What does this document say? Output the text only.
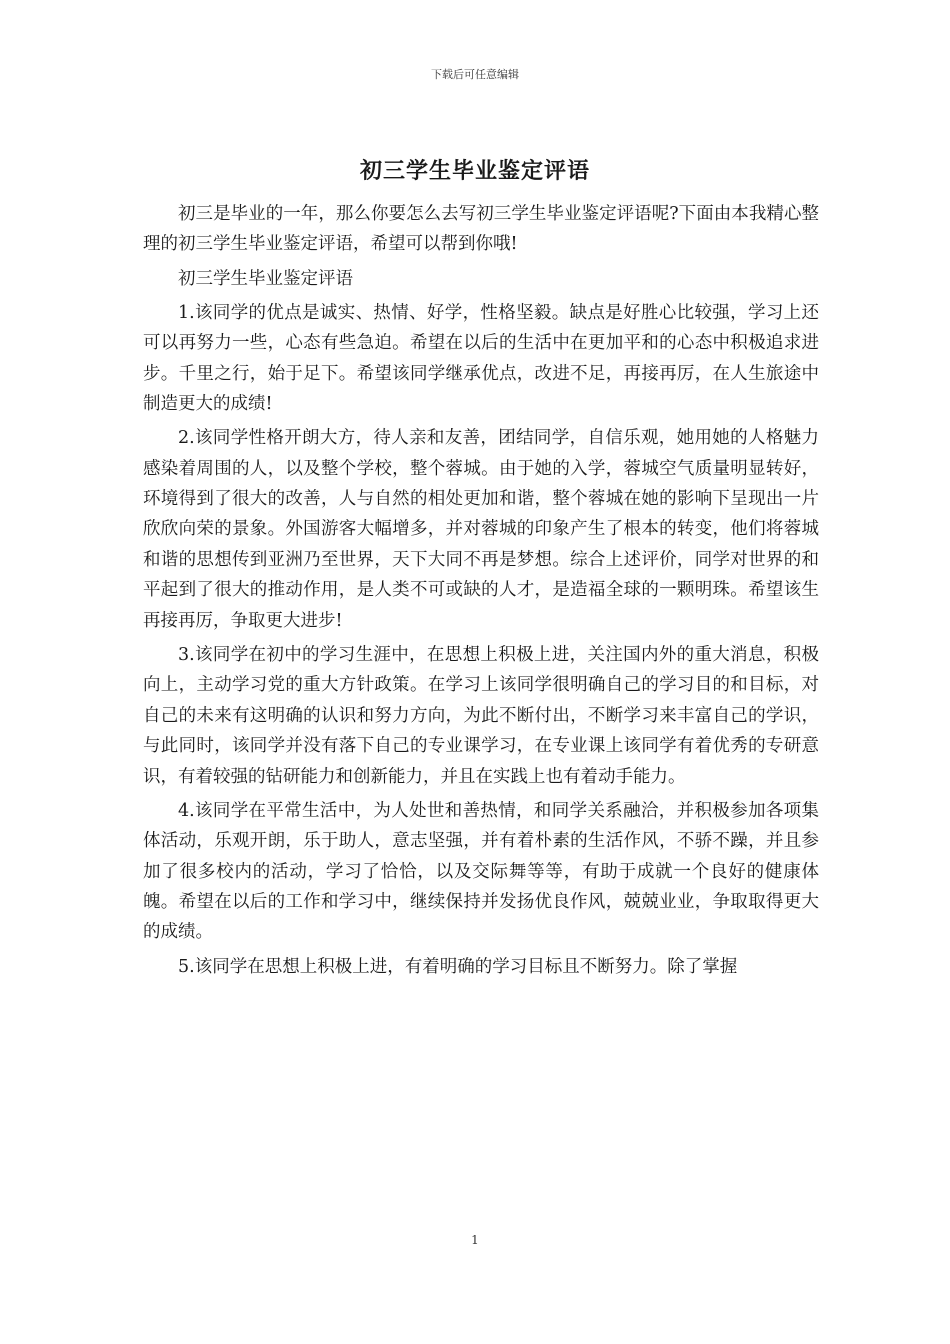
下载后可任意编辑
初三学生毕业鉴定评语

初三是毕业的一年，那么你要怎么去写初三学生毕业鉴定评语呢?下面由本我精心整理的初三学生毕业鉴定评语，希望可以帮到你哦!

初三学生毕业鉴定评语

1.该同学的优点是诚实、热情、好学，性格坚毅。缺点是好胜心比较强，学习上还可以再努力一些，心态有些急迫。希望在以后的生活中在更加平和的心态中积极追求进步。千里之行，始于足下。希望该同学继承优点，改进不足，再接再厉，在人生旅途中制造更大的成绩!

2.该同学性格开朗大方，待人亲和友善，团结同学，自信乐观，她用她的人格魅力感染着周围的人，以及整个学校，整个蓉城。由于她的入学，蓉城空气质量明显转好，环境得到了很大的改善，人与自然的相处更加和谐，整个蓉城在她的影响下呈现出一片欣欣向荣的景象。外国游客大幅增多，并对蓉城的印象产生了根本的转变，他们将蓉城和谐的思想传到亚洲乃至世界，天下大同不再是梦想。综合上述评价，同学对世界的和平起到了很大的推动作用，是人类不可或缺的人才，是造福全球的一颗明珠。希望该生再接再厉，争取更大进步!

3.该同学在初中的学习生涯中，在思想上积极上进，关注国内外的重大消息，积极向上，主动学习党的重大方针政策。在学习上该同学很明确自己的学习目的和目标，对自己的未来有这明确的认识和努力方向，为此不断付出，不断学习来丰富自己的学识，与此同时，该同学并没有落下自己的专业课学习，在专业课上该同学有着优秀的专研意识，有着较强的钻研能力和创新能力，并且在实践上也有着动手能力。

4.该同学在平常生活中，为人处世和善热情，和同学关系融洽，并积极参加各项集体活动，乐观开朗，乐于助人，意志坚强，并有着朴素的生活作风，不骄不躁，并且参加了很多校内的活动，学习了恰恰，以及交际舞等等，有助于成就一个良好的健康体魄。希望在以后的工作和学习中，继续保持并发扬优良作风，兢兢业业，争取取得更大的成绩。

5.该同学在思想上积极上进，有着明确的学习目标且不断努力。除了掌握

1
